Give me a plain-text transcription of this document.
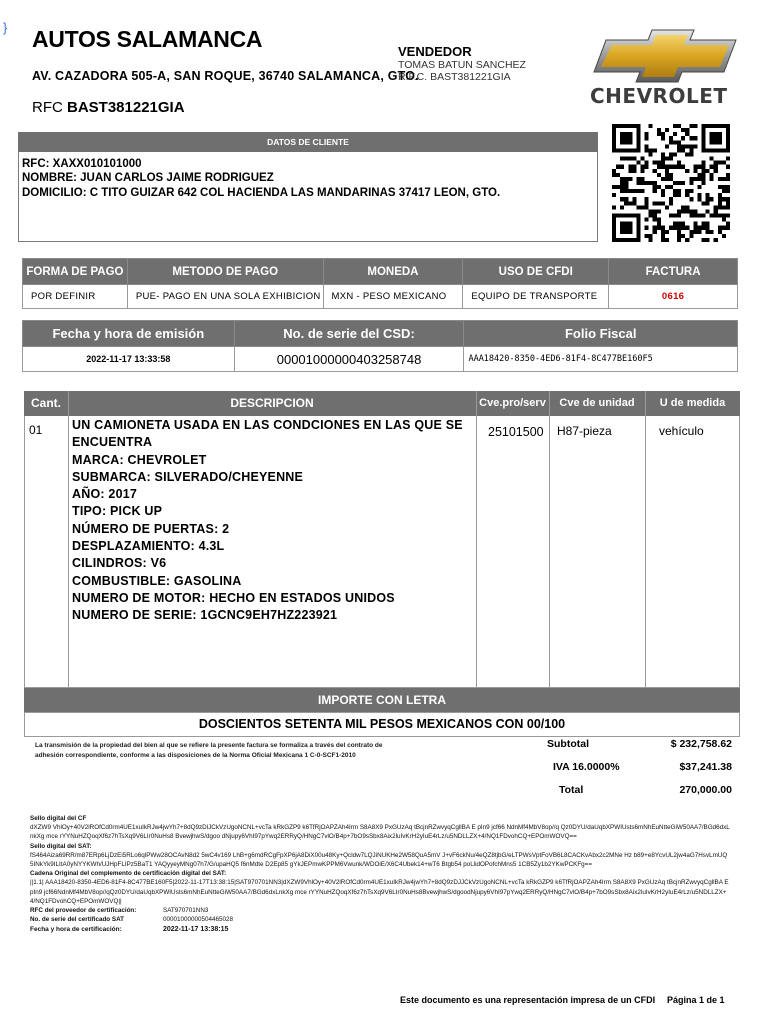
} AUTOS SALAMANCA
AV. CAZADORA 505-A, SAN ROQUE, 36740 SALAMANCA, GTO.
RFC BAST381221GIA
VENDEDOR
TOMAS BATUN SANCHEZ
R.F.C. BAST381221GIA
CHEVROLET
DATOS DE CLIENTE
RFC: XAXX010101000
NOMBRE: JUAN CARLOS JAIME RODRIGUEZ
DOMICILIO: C TITO GUIZAR 642 COL HACIENDA LAS MANDARINAS 37417 LEON, GTO.
FORMA DE PAGO	METODO DE PAGO	MONEDA	USO DE CFDI	FACTURA
POR DEFINIR	PUE- PAGO EN UNA SOLA EXHIBICION	MXN - PESO MEXICANO	EQUIPO DE TRANSPORTE	0616
Fecha y hora de emisión	No. de serie del CSD:	Folio Fiscal
2022-11-17 13:33:58	00001000000403258748	AAA18420-8350-4ED6-81F4-8C477BE160F5
Cant.	DESCRIPCION	Cve.pro/serv	Cve de unidad	U de medida
01 UN CAMIONETA USADA EN LAS CONDCIONES EN LAS QUE SE
ENCUENTRA
MARCA: CHEVROLET
SUBMARCA: SILVERADO/CHEYENNE
AÑO: 2017
TIPO: PICK UP
NÚMERO DE PUERTAS: 2
DESPLAZAMIENTO: 4.3L
CILINDROS: V6
COMBUSTIBLE: GASOLINA
NUMERO DE MOTOR: HECHO EN ESTADOS UNIDOS
NUMERO DE SERIE: 1GCNC9EH7HZ223921
25101500 H87-pieza	vehículo
IMPORTE CON LETRA
DOSCIENTOS SETENTA MIL PESOS MEXICANOS CON 00/100
La transmisión de la propiedad del bien al que se refiere la presente factura se formaliza a través del contrato de adhesión correspondiente, conforme a las disposiciones de la Norma Oficial Mexicana 1 C-0-SCF1-2010
Subtotal	$ 232,758.62
IVA 16.0000%	$37,241.38
Total	270,000.00
Sello digital del CF
dXZW9 VhlOy+40V2lROfCd0rm4UE1xuIkRJw4jwYh7+8dQ9zDlJCkVzUgoNCNL+vcTa kRkGZP9 k6TfRjOAPZAh4Irm S8A8X9 PxGUzAq tBcjnRZwvyqCgllBA E pIn9 jcf66 NdnMf4MbV8op//q Qz0DYU/daUqbXPWIUsts6mNhEuNtteGiW50AA7/BGd6dxLnkXg mce rYYNuHZQoqXf6z7hTsXq9V6LIr0NuHs8 BvewjhwS/dgoo dNjupy6VhI97pYwq2ERRyQ/HNgC7vlO/B4p+7bO9sSbx8Aix2luIvKrH2yIuE4rLz/u5NDLLZX+4/NQ1FDvohCQ+EPOmWOVQ==
Sello digital del SAT:
fS464Aiza69RR/m87ERp6LjDzEi5RLo6qlPWw28OCAvN8d2 5wC4v169 LhB+g6mdRCgFpXP6jA8DiX00u48Ky+Qcldw7LQJiNUKHe2W58QuA5mV J+vF6ckNu/4eQZ8tjbG/eLTPWsVptFoVB6L8CACKvAbx2c2MNe Hz b89+e8YcvUL2jw4aG7HsvLmUQ5INkYk9ILItA0yNYYKWh/UJHpFLIPz5BaT1 YAQyyeyMNg07h7/G/upaHQ5 f6nMdte D2Ep85 gYkJEPmwKPPM6Vwunk/WDOiE/X6C4Ubek14+wT6 Btgb54 poLlidOPofchMns5 1CB5Zy1b2YKwPCKFg==
Cadena Original del complemento de certificación digital del SAT:
||1.1| AAA18420-8350-4ED6-81F4-8C477BE160F5|2022-11-17T13:38:15|SAT970701NN3|dXZW9VhlOy+40V2lROfCd0rm4UE1xuIkRJw4jwYh7+8dQ9zDJJCkVzUgoNCNL+vcTa kRkGZP9 k6TfRjOAPZAh4Irm S8A8X9 PxGUzAq tBcjnRZwvyqCgllBA E pIn9 jcf66NdnMf4MbV8op//qQz0DYU/daUqbXPWIUsts6mNhEuNtteGiW50AA7/BGd6dxLnkXg mce rYYNuHZQoqXf6z7hTsXq9V6LIr0NuHs8BvewjhwS/dgoodNjupy6VhI97pYwq2ERRyQ/HNgC7vlO/B4p+7bO9sSbx8Aix2luIvKrH2yIuE4rLz/u5NDLLZX+4/NQ1FDvohCQ+EPOmWOVQ||
RFC del proveedor de certificación:	SAT970701NN3
No. de serie del certificado SAT	00001000000504465028
Fecha y hora de certificación:	2022-11-17 13:38:15
Este documento es una representación impresa de un CFDI Página 1 de 1
